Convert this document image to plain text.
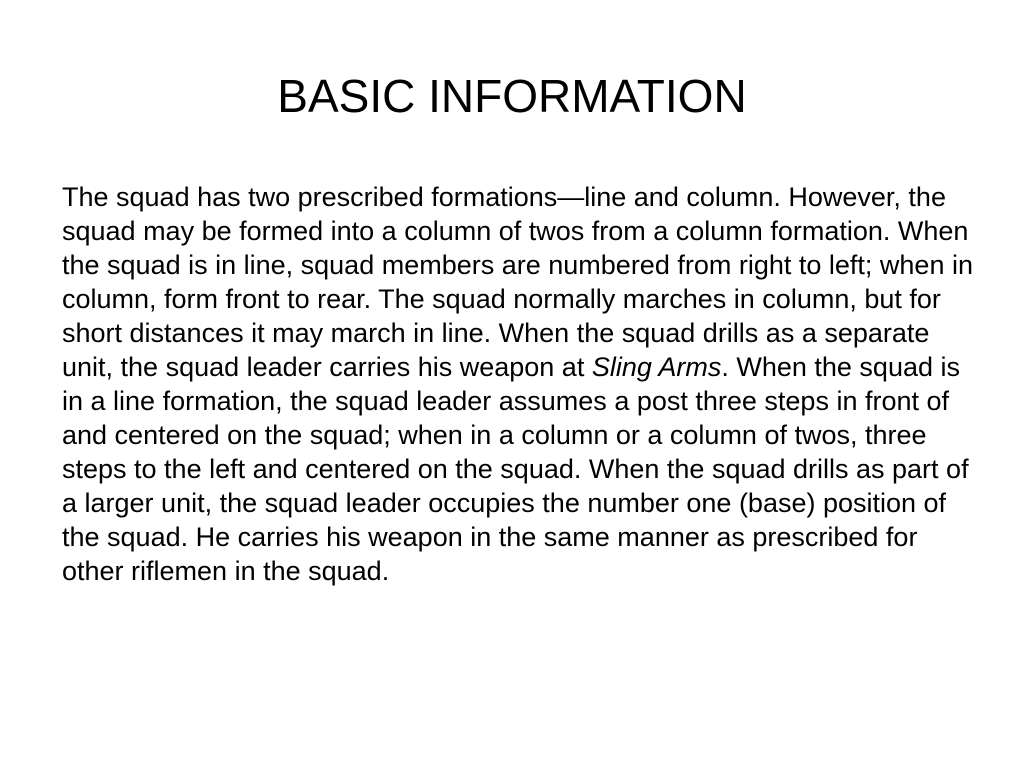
BASIC INFORMATION

The squad has two prescribed formations—line and column. However, the squad may be formed into a column of twos from a column formation. When the squad is in line, squad members are numbered from right to left; when in column, form front to rear. The squad normally marches in column, but for short distances it may march in line. When the squad drills as a separate unit, the squad leader carries his weapon at Sling Arms. When the squad is in a line formation, the squad leader assumes a post three steps in front of and centered on the squad; when in a column or a column of twos, three steps to the left and centered on the squad. When the squad drills as part of a larger unit, the squad leader occupies the number one (base) position of the squad. He carries his weapon in the same manner as prescribed for other riflemen in the squad.
